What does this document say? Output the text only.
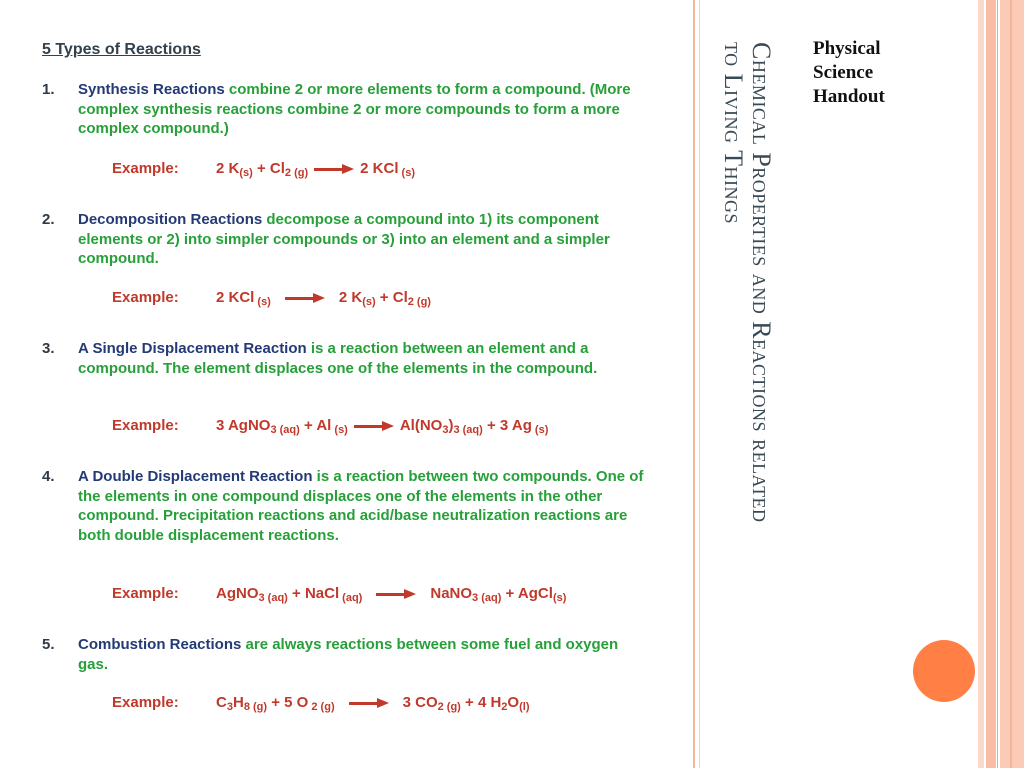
5 Types of Reactions
1. Synthesis Reactions combine 2 or more elements to form a compound. (More complex synthesis reactions combine 2 or more compounds to form a more complex compound.)
Example: 2 $K_{(s)} + Cl_{2 (g)}$	2 KCl $_{(s)}$
2. Decomposition Reactions decompose a compound into 1) its component elements or 2) into simpler compounds or 3) into an element and a simpler compound.
Example: 2 KCl $_{(s)}$	2 $K_{(s)} + Cl_{2 (g)}$
3. A Single Displacement Reaction is a reaction between an element and a compound. The element displaces one of the elements in the compound.
Example: 3 AgNO$_{3 (aq)}$ + Al $_{(s)}$	$Al(NO_3)_{3 (aq)} + 3$ Ag $_{(s)}$
4. A Double Displacement Reaction is a reaction between two compounds. One of the elements in one compound displaces one of the elements in the other compound. Precipitation reactions and acid/base neutralization reactions are both double displacement reactions.
Example: AgNO$_{3 (aq)}$ + NaCl $_{(aq)}$	NaNO$_{3 (aq)}$ + AgCl$_{(s)}$
5. Combustion Reactions are always reactions between some fuel and oxygen gas.
Example: $C_3H_{8 (g)} + 5$ O $_{2 (g)}$	3 $CO_{2 (g)} + 4$ $H_2O_{(l)}$
Chemical Properties and Reactions related
to Living Things	Physical Science Handout
